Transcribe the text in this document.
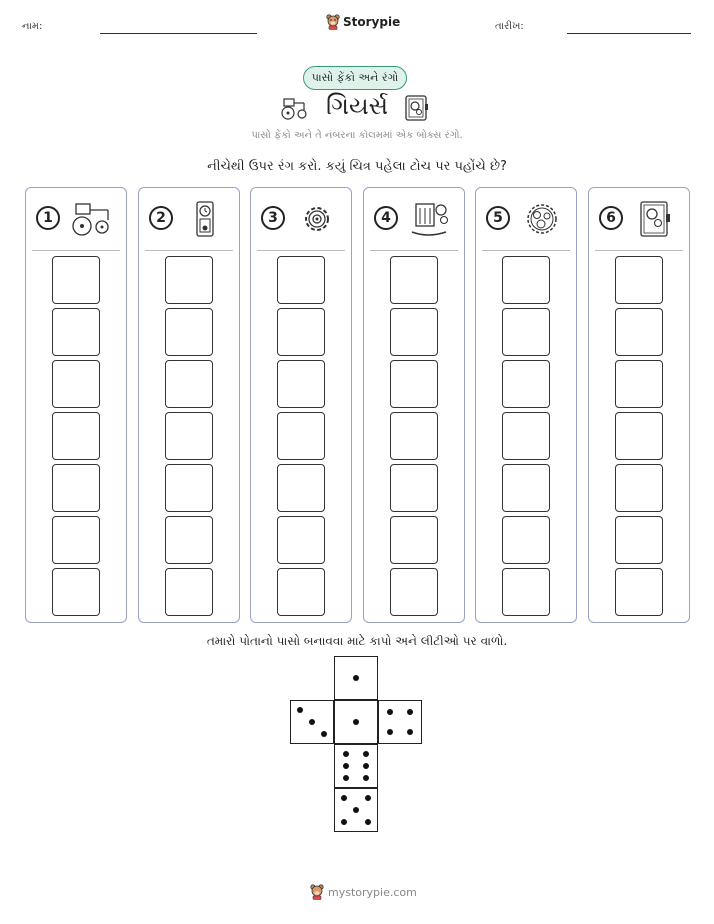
નામ:	Storypie	તારીખ:
પાસો ફેંકો અને રંગો
ગિયર્સ
પાસો ફેંકો અને તે નંબરના કૉલમમાં એક બોક્સ રંગો.
નીચેથી ઉપર રંગ કરો. કયું ચિત્ર પહેલા ટોચ પર પહોંચે છે?
1	2	3	4	5	6
તમારો પોતાનો પાસો બનાવવા માટે કાપો અને લીટીઓ પર વાળો.
mystorypie.com
